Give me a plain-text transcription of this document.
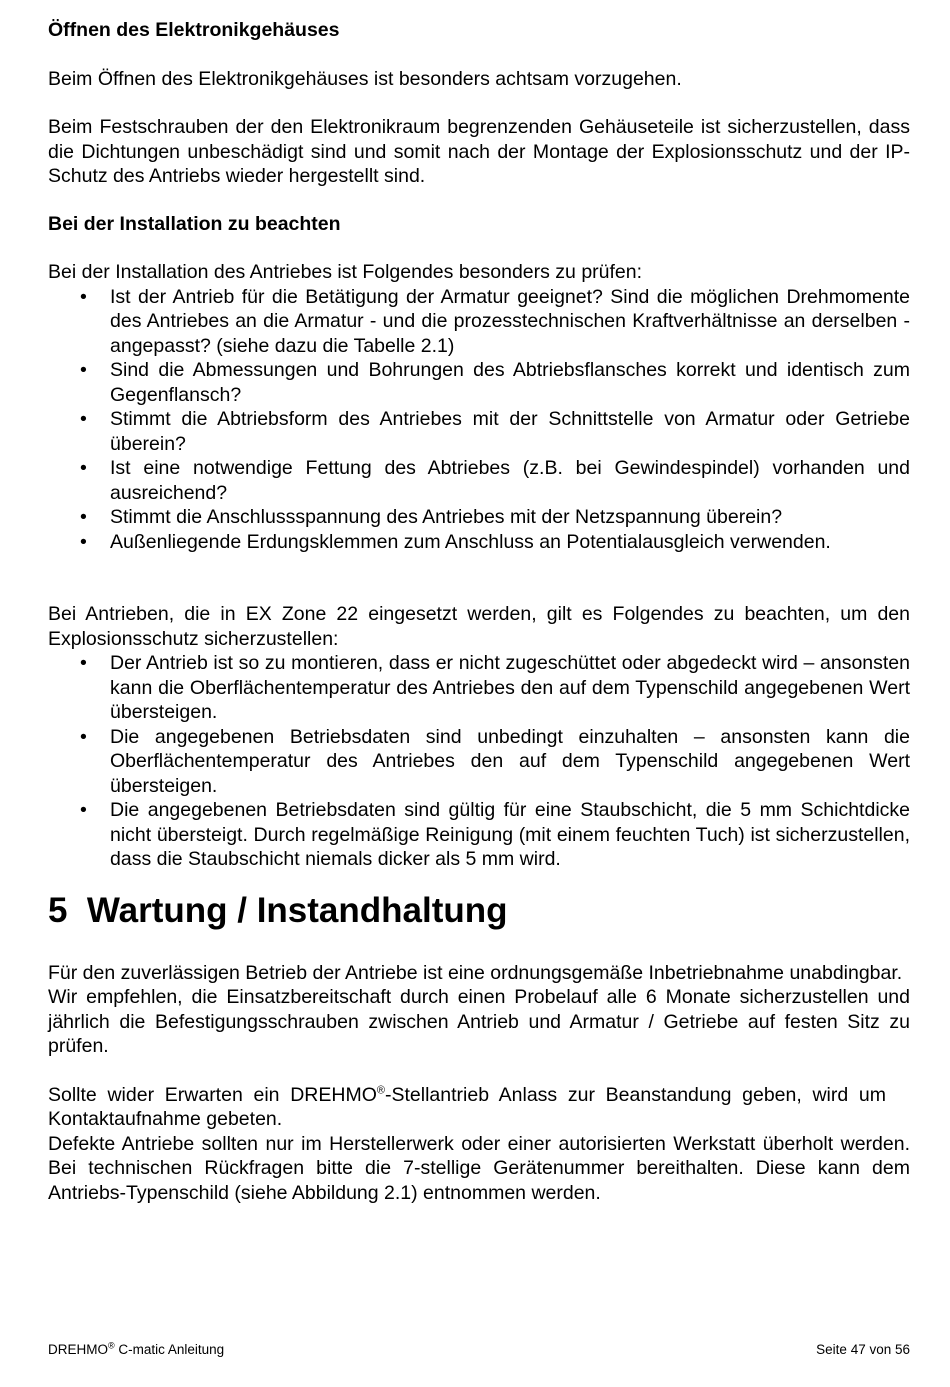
Öffnen des Elektronikgehäuses

Beim Öffnen des Elektronikgehäuses ist besonders achtsam vorzugehen.

Beim Festschrauben der den Elektronikraum begrenzenden Gehäuseteile ist sicherzustellen, dass die Dichtungen unbeschädigt sind und somit nach der Montage der Explosionsschutz und der IP-Schutz des Antriebs wieder hergestellt sind.

Bei der Installation zu beachten

Bei der Installation des Antriebes ist Folgendes besonders zu prüfen:

• Ist der Antrieb für die Betätigung der Armatur geeignet? Sind die möglichen Drehmomente des Antriebes an die Armatur - und die prozesstechnischen Kraftverhältnisse an derselben - angepasst? (siehe dazu die Tabelle 2.1)
• Sind die Abmessungen und Bohrungen des Abtriebsflansches korrekt und identisch zum Gegenflansch?
• Stimmt die Abtriebsform des Antriebes mit der Schnittstelle von Armatur oder Getriebe überein?
• Ist eine notwendige Fettung des Abtriebes (z.B. bei Gewindespindel) vorhanden und ausreichend?
• Stimmt die Anschlussspannung des Antriebes mit der Netzspannung überein?
• Außenliegende Erdungsklemmen zum Anschluss an Potentialausgleich verwenden.

Bei Antrieben, die in EX Zone 22 eingesetzt werden, gilt es Folgendes zu beachten, um den Explosionsschutz sicherzustellen:

• Der Antrieb ist so zu montieren, dass er nicht zugeschüttet oder abgedeckt wird – ansonsten kann die Oberflächentemperatur des Antriebes den auf dem Typenschild angegebenen Wert übersteigen.
• Die angegebenen Betriebsdaten sind unbedingt einzuhalten – ansonsten kann die Oberflächentemperatur des Antriebes den auf dem Typenschild angegebenen Wert übersteigen.
• Die angegebenen Betriebsdaten sind gültig für eine Staubschicht, die 5 mm Schichtdicke nicht übersteigt. Durch regelmäßige Reinigung (mit einem feuchten Tuch) ist sicherzustellen, dass die Staubschicht niemals dicker als 5 mm wird.
5  Wartung / Instandhaltung

Für den zuverlässigen Betrieb der Antriebe ist eine ordnungsgemäße Inbetriebnahme unabdingbar.

Wir empfehlen, die Einsatzbereitschaft durch einen Probelauf alle 6 Monate sicherzustellen und jährlich die Befestigungsschrauben zwischen Antrieb und Armatur / Getriebe auf festen Sitz zu prüfen.

Sollte wider Erwarten ein DREHMO®-Stellantrieb Anlass zur Beanstandung geben, wird um Kontaktaufnahme gebeten.

Defekte Antriebe sollten nur im Herstellerwerk oder einer autorisierten Werkstatt überholt werden. Bei technischen Rückfragen bitte die 7-stellige Gerätenummer bereithalten. Diese kann dem Antriebs-Typenschild (siehe Abbildung 2.1) entnommen werden.

DREHMO® C-matic Anleitung	Seite 47 von 56
